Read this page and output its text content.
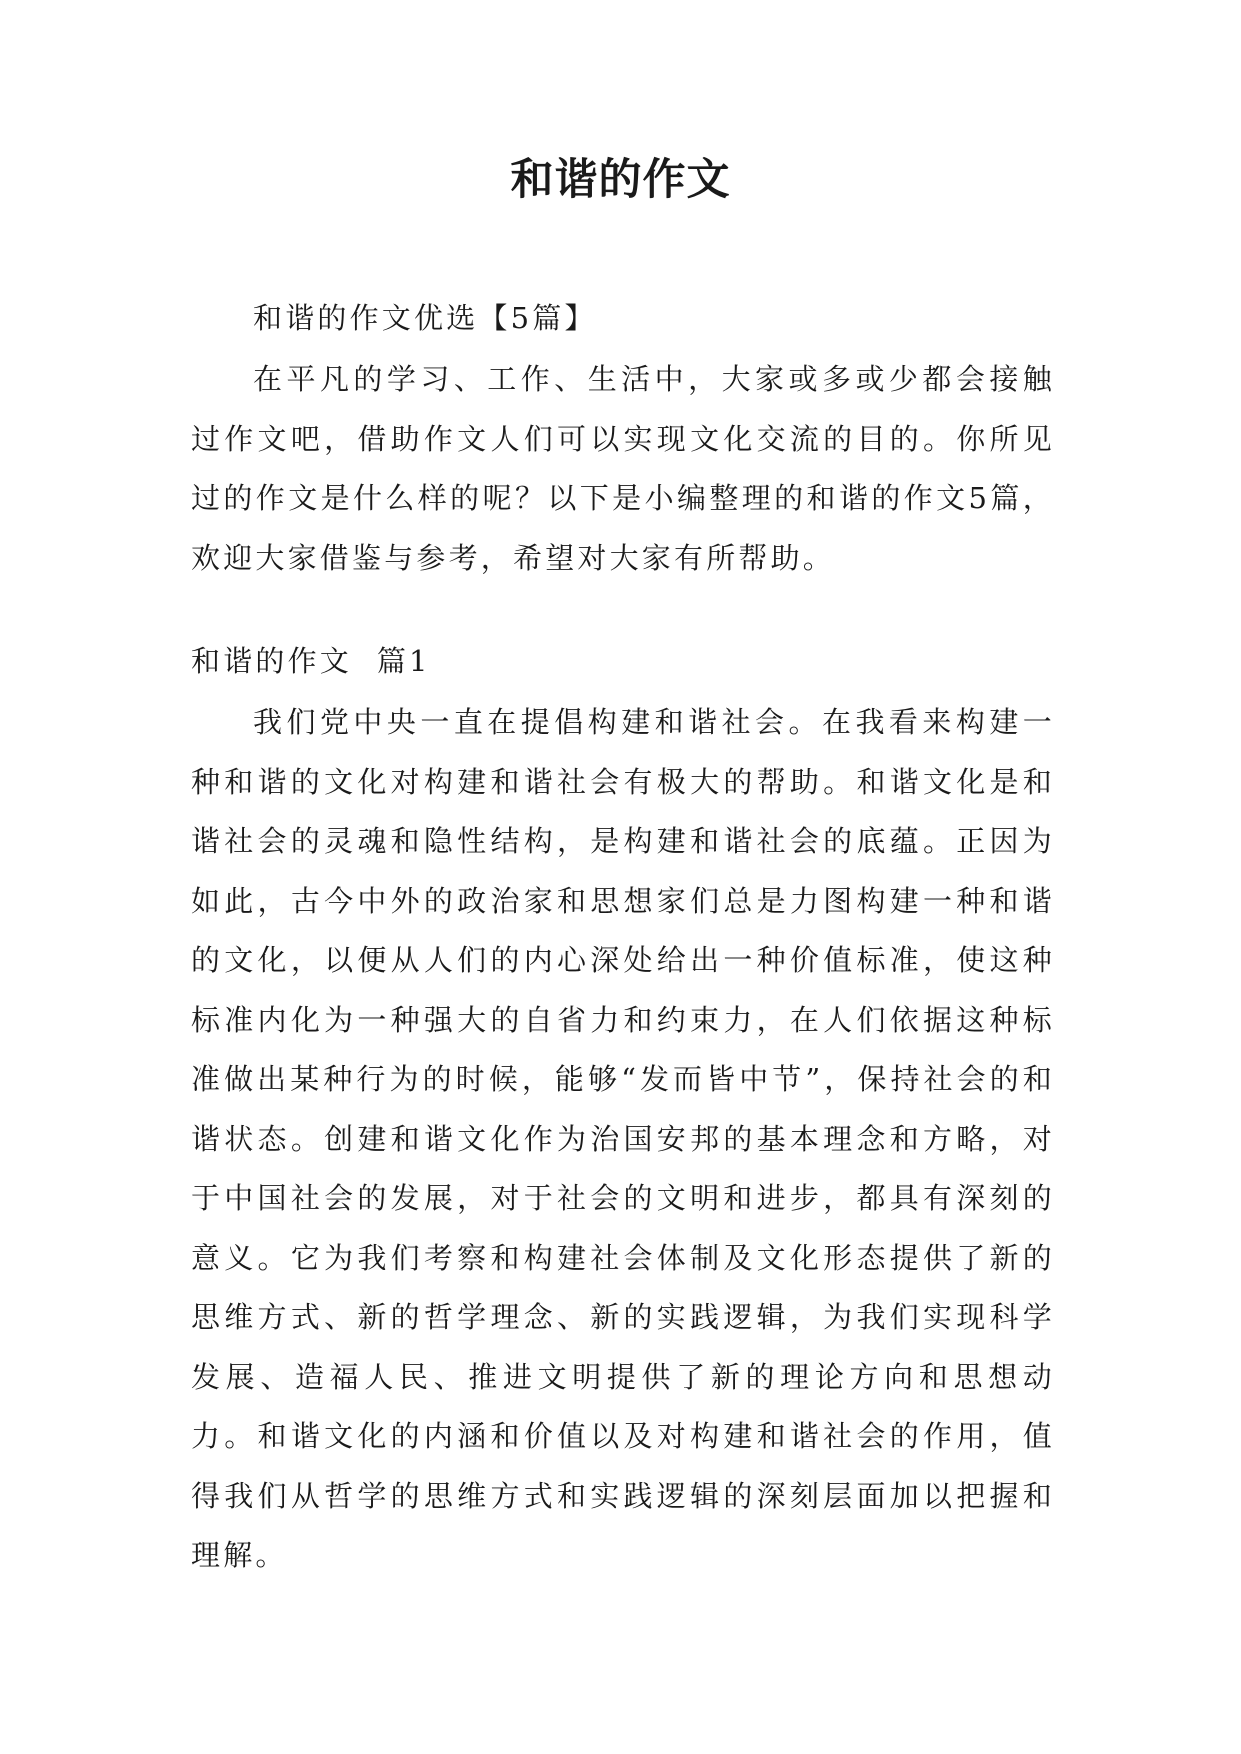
和谐的作文

和谐的作文优选【5篇】

在平凡的学习、工作、生活中，大家或多或少都会接触过作文吧，借助作文人们可以实现文化交流的目的。你所见过的作文是什么样的呢？以下是小编整理的和谐的作文5篇，欢迎大家借鉴与参考，希望对大家有所帮助。

和谐的作文  篇1

我们党中央一直在提倡构建和谐社会。在我看来构建一种和谐的文化对构建和谐社会有极大的帮助。和谐文化是和谐社会的灵魂和隐性结构，是构建和谐社会的底蕴。正因为如此，古今中外的政治家和思想家们总是力图构建一种和谐的文化，以便从人们的内心深处给出一种价值标准，使这种标准内化为一种强大的自省力和约束力，在人们依据这种标准做出某种行为的时候，能够“发而皆中节”，保持社会的和谐状态。创建和谐文化作为治国安邦的基本理念和方略，对于中国社会的发展，对于社会的文明和进步，都具有深刻的意义。它为我们考察和构建社会体制及文化形态提供了新的思维方式、新的哲学理念、新的实践逻辑，为我们实现科学发展、造福人民、推进文明提供了新的理论方向和思想动力。和谐文化的内涵和价值以及对构建和谐社会的作用，值得我们从哲学的思维方式和实践逻辑的深刻层面加以把握和理解。
